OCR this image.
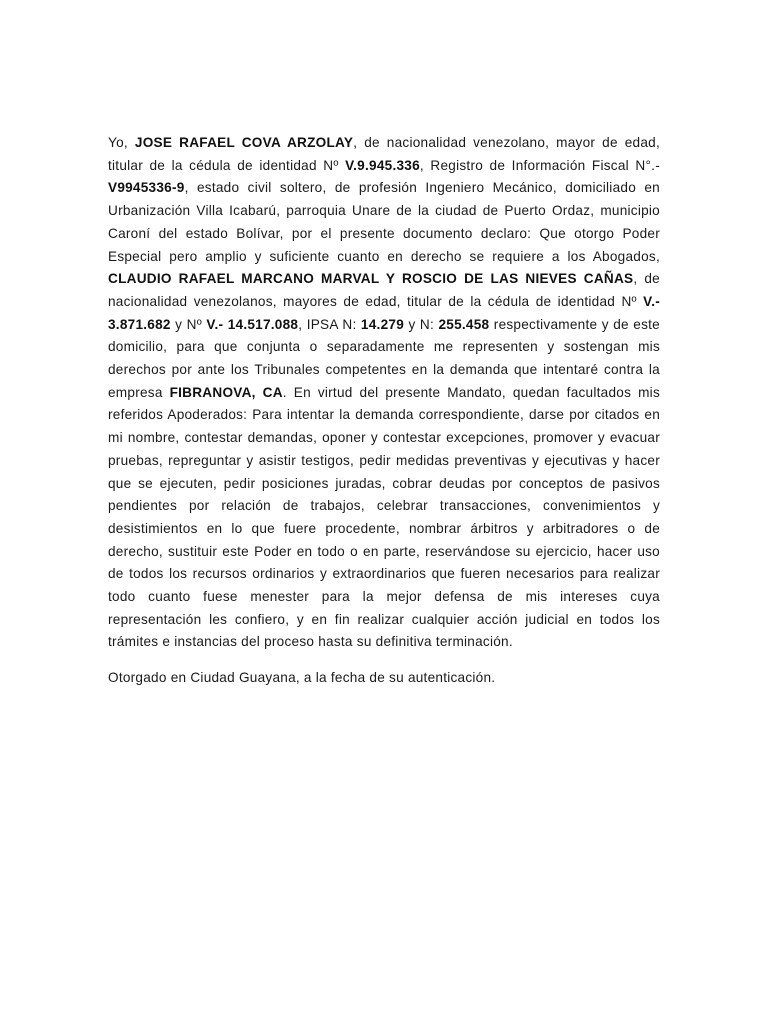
Yo, JOSE RAFAEL COVA ARZOLAY, de nacionalidad venezolano, mayor de edad, titular de la cédula de identidad Nº V.9.945.336, Registro de Información Fiscal N°.- V9945336-9, estado civil soltero, de profesión Ingeniero Mecánico, domiciliado en Urbanización Villa Icabarú, parroquia Unare de la ciudad de Puerto Ordaz, municipio Caroní del estado Bolívar, por el presente documento declaro: Que otorgo Poder Especial pero amplio y suficiente cuanto en derecho se requiere a los Abogados, CLAUDIO RAFAEL MARCANO MARVAL Y ROSCIO DE LAS NIEVES CAÑAS, de nacionalidad venezolanos, mayores de edad, titular de la cédula de identidad Nº V.- 3.871.682 y Nº V.- 14.517.088, IPSA N: 14.279 y N: 255.458 respectivamente y de este domicilio, para que conjunta o separadamente me representen y sostengan mis derechos por ante los Tribunales competentes en la demanda que intentaré contra la empresa FIBRANOVA, CA. En virtud del presente Mandato, quedan facultados mis referidos Apoderados: Para intentar la demanda correspondiente, darse por citados en mi nombre, contestar demandas, oponer y contestar excepciones, promover y evacuar pruebas, repreguntar y asistir testigos, pedir medidas preventivas y ejecutivas y hacer que se ejecuten, pedir posiciones juradas, cobrar deudas por conceptos de pasivos pendientes por relación de trabajos, celebrar transacciones, convenimientos y desistimientos en lo que fuere procedente, nombrar árbitros y arbitradores o de derecho, sustituir este Poder en todo o en parte, reservándose su ejercicio, hacer uso de todos los recursos ordinarios y extraordinarios que fueren necesarios para realizar todo cuanto fuese menester para la mejor defensa de mis intereses cuya representación les confiero, y en fin realizar cualquier acción judicial en todos los trámites e instancias del proceso hasta su definitiva terminación.

Otorgado en Ciudad Guayana, a la fecha de su autenticación.
